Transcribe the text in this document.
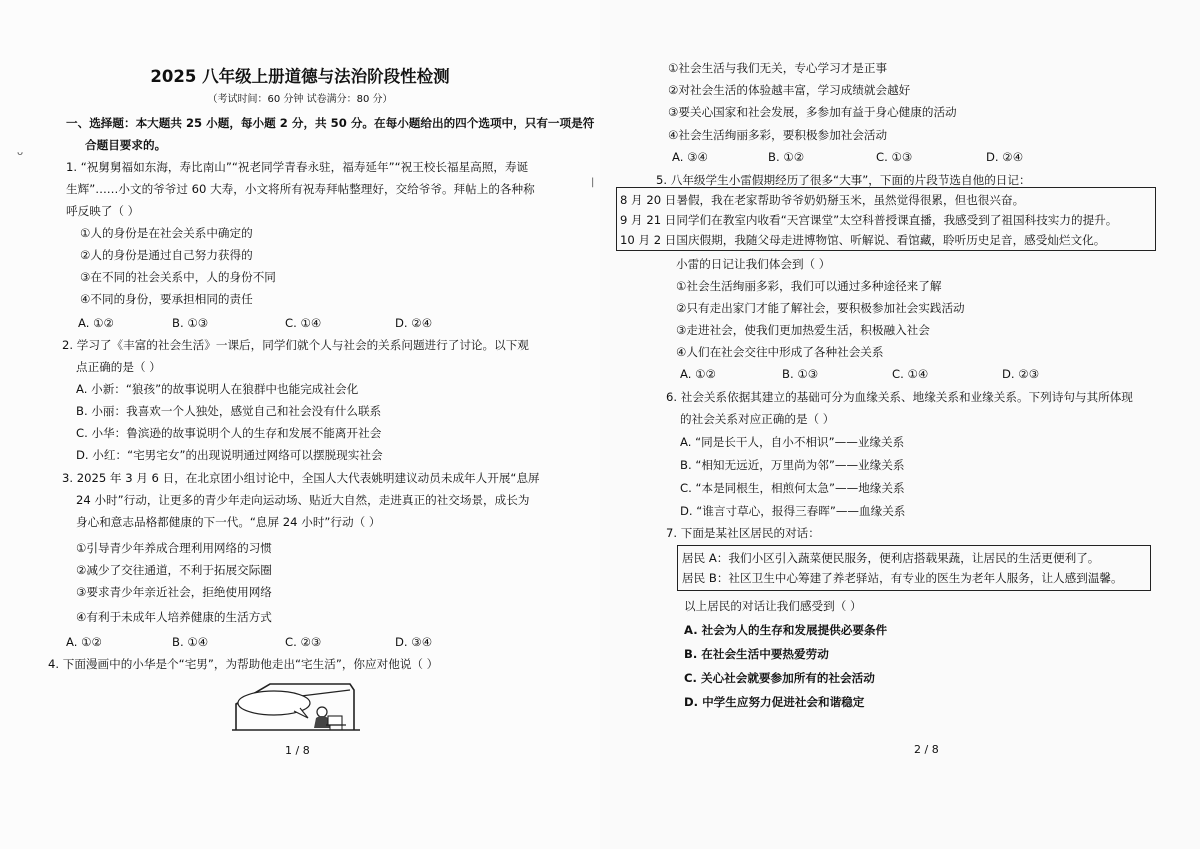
2025 八年级上册道德与法治阶段性检测
（考试时间：60 分钟 试卷满分：80 分）
一、选择题：本大题共 25 小题，每小题 2 分，共 50 分。在每小题给出的四个选项中，只有一项是符
合题目要求的。
ᴗ
1. “祝舅舅福如东海，寿比南山”“祝老同学青春永驻，福寿延年”“祝王校长福星高照，寿诞
生辉”……小文的爷爷过 60 大寿，小文将所有祝寿拜帖整理好，交给爷爷。拜帖上的各种称
呼反映了（ ）
①人的身份是在社会关系中确定的
②人的身份是通过自己努力获得的
③在不同的社会关系中，人的身份不同
④不同的身份，要承担相同的责任
A. ①②	B. ①③	C. ①④	D. ②④
2. 学习了《丰富的社会生活》一课后，同学们就个人与社会的关系问题进行了讨论。以下观
点正确的是（ ）
A. 小新：“狼孩”的故事说明人在狼群中也能完成社会化
B. 小丽：我喜欢一个人独处，感觉自己和社会没有什么联系
C. 小华：鲁滨逊的故事说明个人的生存和发展不能离开社会
D. 小红：“宅男宅女”的出现说明通过网络可以摆脱现实社会
3. 2025 年 3 月 6 日，在北京团小组讨论中，全国人大代表姚明建议动员未成年人开展“息屏
24 小时”行动，让更多的青少年走向运动场、贴近大自然，走进真正的社交场景，成长为
身心和意志品格都健康的下一代。“息屏 24 小时”行动（ ）
①引导青少年养成合理利用网络的习惯
②减少了交往通道，不利于拓展交际圈
③要求青少年亲近社会，拒绝使用网络
④有利于未成年人培养健康的生活方式
A. ①②	B. ①④	C. ②③	D. ③④
4. 下面漫画中的小华是个“宅男”，为帮助他走出“宅生活”，你应对他说（ ）
1 / 8
|
①社会生活与我们无关，专心学习才是正事
②对社会生活的体验越丰富，学习成绩就会越好
③要关心国家和社会发展，多参加有益于身心健康的活动
④社会生活绚丽多彩，要积极参加社会活动
A. ③④	B. ①②	C. ①③	D. ②④
5. 八年级学生小雷假期经历了很多“大事”，下面的片段节选自他的日记：
8 月 20 日暑假，我在老家帮助爷爷奶奶掰玉米，虽然觉得很累，但也很兴奋。
9 月 21 日同学们在教室内收看“天宫课堂”太空科普授课直播，我感受到了祖国科技实力的提升。
10 月 2 日国庆假期，我随父母走进博物馆、听解说、看馆藏，聆听历史足音，感受灿烂文化。
小雷的日记让我们体会到（ ）
①社会生活绚丽多彩，我们可以通过多种途径来了解
②只有走出家门才能了解社会，要积极参加社会实践活动
③走进社会，使我们更加热爱生活，积极融入社会
④人们在社会交往中形成了各种社会关系
A. ①②	B. ①③	C. ①④	D. ②③
6. 社会关系依据其建立的基础可分为血缘关系、地缘关系和业缘关系。下列诗句与其所体现
的社会关系对应正确的是（ ）
A. “同是长干人，自小不相识”——业缘关系
B. “相知无远近，万里尚为邻”——业缘关系
C. “本是同根生，相煎何太急”——地缘关系
D. “谁言寸草心，报得三春晖”——血缘关系
7. 下面是某社区居民的对话：
居民 A：我们小区引入蔬菜便民服务，便利店搭载果蔬，让居民的生活更便利了。
居民 B：社区卫生中心筹建了养老驿站，有专业的医生为老年人服务，让人感到温馨。
以上居民的对话让我们感受到（ ）
A. 社会为人的生存和发展提供必要条件
B. 在社会生活中要热爱劳动
C. 关心社会就要参加所有的社会活动
D. 中学生应努力促进社会和谐稳定
2 / 8
